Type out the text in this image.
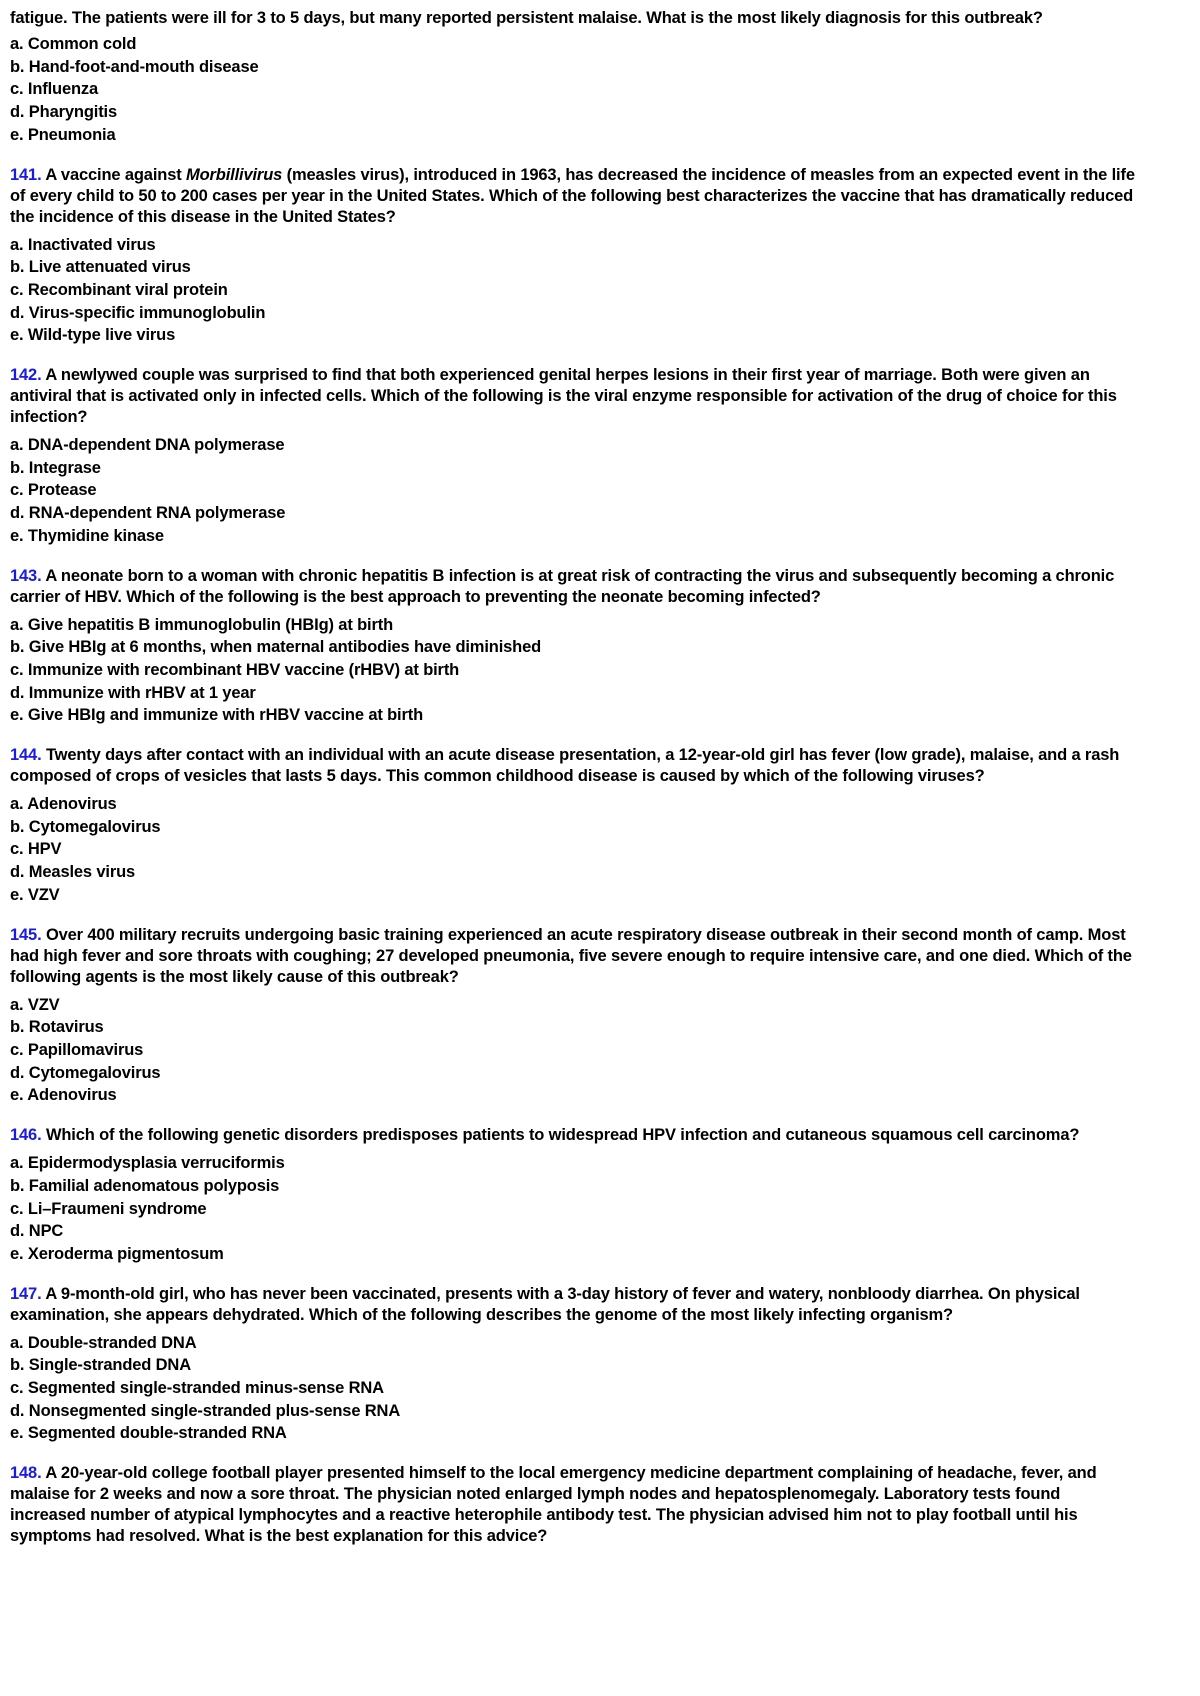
fatigue. The patients were ill for 3 to 5 days, but many reported persistent malaise. What is the most likely diagnosis for this outbreak?

a. Common cold
b. Hand-foot-and-mouth disease
c. Influenza
d. Pharyngitis
e. Pneumonia

141. A vaccine against Morbillivirus (measles virus), introduced in 1963, has decreased the incidence of measles from an expected event in the life

of every child to 50 to 200 cases per year in the United States. Which of the following best characterizes the vaccine that has dramatically reduced

the incidence of this disease in the United States?

a. Inactivated virus
b. Live attenuated virus
c. Recombinant viral protein
d. Virus-specific immunoglobulin
e. Wild-type live virus

142. A newlywed couple was surprised to find that both experienced genital herpes lesions in their first year of marriage. Both were given an

antiviral that is activated only in infected cells. Which of the following is the viral enzyme responsible for activation of the drug of choice for this

infection?

a. DNA-dependent DNA polymerase
b. Integrase
c. Protease
d. RNA-dependent RNA polymerase
e. Thymidine kinase

143. A neonate born to a woman with chronic hepatitis B infection is at great risk of contracting the virus and subsequently becoming a chronic

carrier of HBV. Which of the following is the best approach to preventing the neonate becoming infected?

a. Give hepatitis B immunoglobulin (HBIg) at birth
b. Give HBIg at 6 months, when maternal antibodies have diminished
c. Immunize with recombinant HBV vaccine (rHBV) at birth
d. Immunize with rHBV at 1 year
e. Give HBIg and immunize with rHBV vaccine at birth

144. Twenty days after contact with an individual with an acute disease presentation, a 12-year-old girl has fever (low grade), malaise, and a rash

composed of crops of vesicles that lasts 5 days. This common childhood disease is caused by which of the following viruses?

a. Adenovirus
b. Cytomegalovirus
c. HPV
d. Measles virus
e. VZV

145. Over 400 military recruits undergoing basic training experienced an acute respiratory disease outbreak in their second month of camp. Most

had high fever and sore throats with coughing; 27 developed pneumonia, five severe enough to require intensive care, and one died. Which of the

following agents is the most likely cause of this outbreak?

a. VZV
b. Rotavirus
c. Papillomavirus
d. Cytomegalovirus
e. Adenovirus

146. Which of the following genetic disorders predisposes patients to widespread HPV infection and cutaneous squamous cell carcinoma?

a. Epidermodysplasia verruciformis
b. Familial adenomatous polyposis
c. Li–Fraumeni syndrome
d. NPC
e. Xeroderma pigmentosum

147. A 9-month-old girl, who has never been vaccinated, presents with a 3-day history of fever and watery, nonbloody diarrhea. On physical

examination, she appears dehydrated. Which of the following describes the genome of the most likely infecting organism?

a. Double-stranded DNA
b. Single-stranded DNA
c. Segmented single-stranded minus-sense RNA
d. Nonsegmented single-stranded plus-sense RNA
e. Segmented double-stranded RNA

148. A 20-year-old college football player presented himself to the local emergency medicine department complaining of headache, fever, and

malaise for 2 weeks and now a sore throat. The physician noted enlarged lymph nodes and hepatosplenomegaly. Laboratory tests found

increased number of atypical lymphocytes and a reactive heterophile antibody test. The physician advised him not to play football until his

symptoms had resolved. What is the best explanation for this advice?
